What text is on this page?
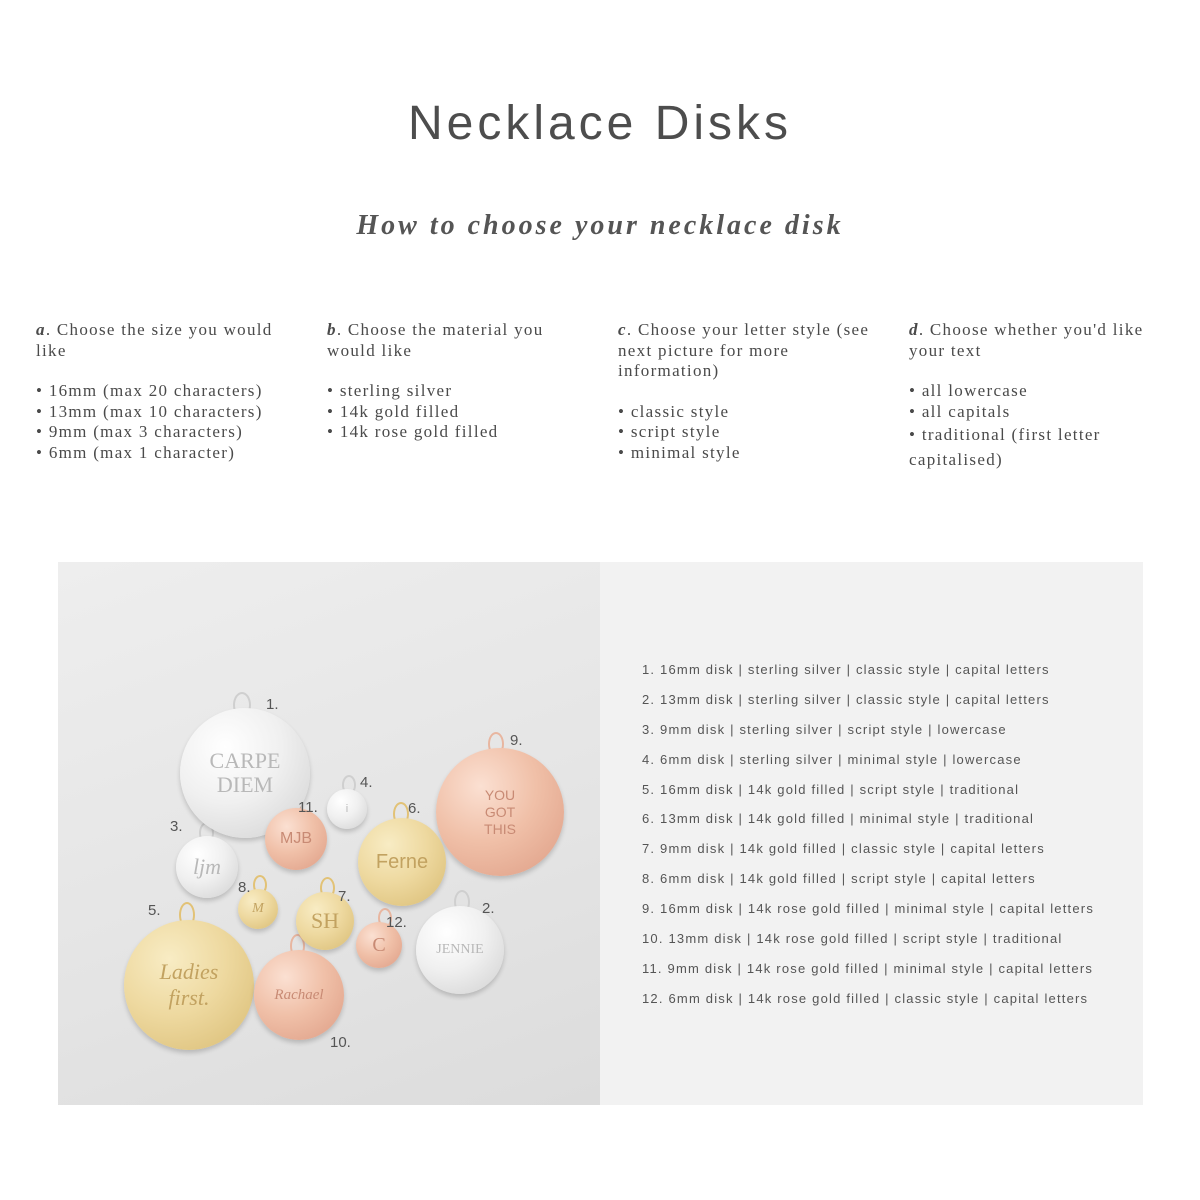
Necklace Disks
How to choose your necklace disk
a. Choose the size you would like
• 16mm (max 20 characters)
• 13mm (max 10 characters)
• 9mm (max 3 characters)
• 6mm (max 1 character)
b. Choose the material you would like
• sterling silver
• 14k gold filled
• 14k rose gold filled
c. Choose your letter style (see next picture for more information)
• classic style
• script style
• minimal style
d. Choose whether you'd like your text
• all lowercase
• all capitals
• traditional (first letter capitalised)
CARPE
DIEM
1.
YOU
GOT
THIS
9.
i
4.
MJB
11.
Ferne
6.
ljm
3.
M
8.
SH
7.
Ladies
first.
5.
C
12.
JENNIE
2.
Rachael
10.
1. 16mm disk | sterling silver | classic style | capital letters
2. 13mm disk | sterling silver | classic style | capital letters
3. 9mm disk | sterling silver | script style | lowercase
4. 6mm disk | sterling silver | minimal style | lowercase
5. 16mm disk | 14k gold filled | script style | traditional
6. 13mm disk | 14k gold filled | minimal style | traditional
7. 9mm disk | 14k gold filled | classic style | capital letters
8. 6mm disk | 14k gold filled | script style | capital letters
9. 16mm disk | 14k rose gold filled | minimal style | capital letters
10. 13mm disk | 14k rose gold filled | script style | traditional
11. 9mm disk | 14k rose gold filled | minimal style | capital letters
12. 6mm disk | 14k rose gold filled | classic style | capital letters
